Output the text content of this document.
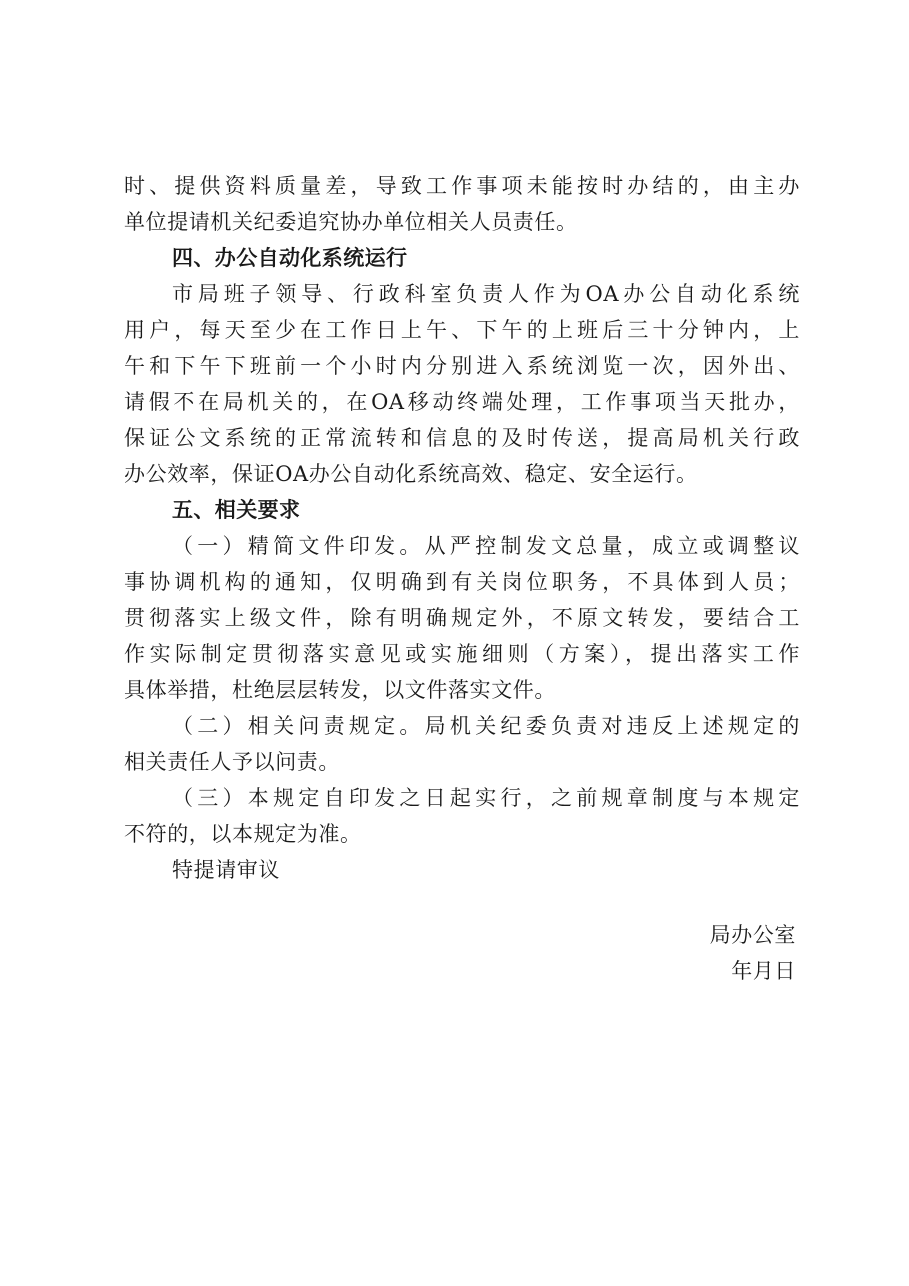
时、提供资料质量差，导致工作事项未能按时办结的，由主办
单位提请机关纪委追究协办单位相关人员责任。
四、办公自动化系统运行
市局班子领导、行政科室负责人作为OA办公自动化系统
用户，每天至少在工作日上午、下午的上班后三十分钟内，上
午和下午下班前一个小时内分别进入系统浏览一次，因外出、
请假不在局机关的，在OA移动终端处理，工作事项当天批办，
保证公文系统的正常流转和信息的及时传送，提高局机关行政
办公效率，保证OA办公自动化系统高效、稳定、安全运行。
五、相关要求
（一）精简文件印发。从严控制发文总量，成立或调整议
事协调机构的通知，仅明确到有关岗位职务，不具体到人员；
贯彻落实上级文件，除有明确规定外，不原文转发，要结合工
作实际制定贯彻落实意见或实施细则（方案），提出落实工作
具体举措，杜绝层层转发，以文件落实文件。
（二）相关问责规定。局机关纪委负责对违反上述规定的
相关责任人予以问责。
（三）本规定自印发之日起实行，之前规章制度与本规定
不符的，以本规定为准。
特提请审议
局办公室
年月日
